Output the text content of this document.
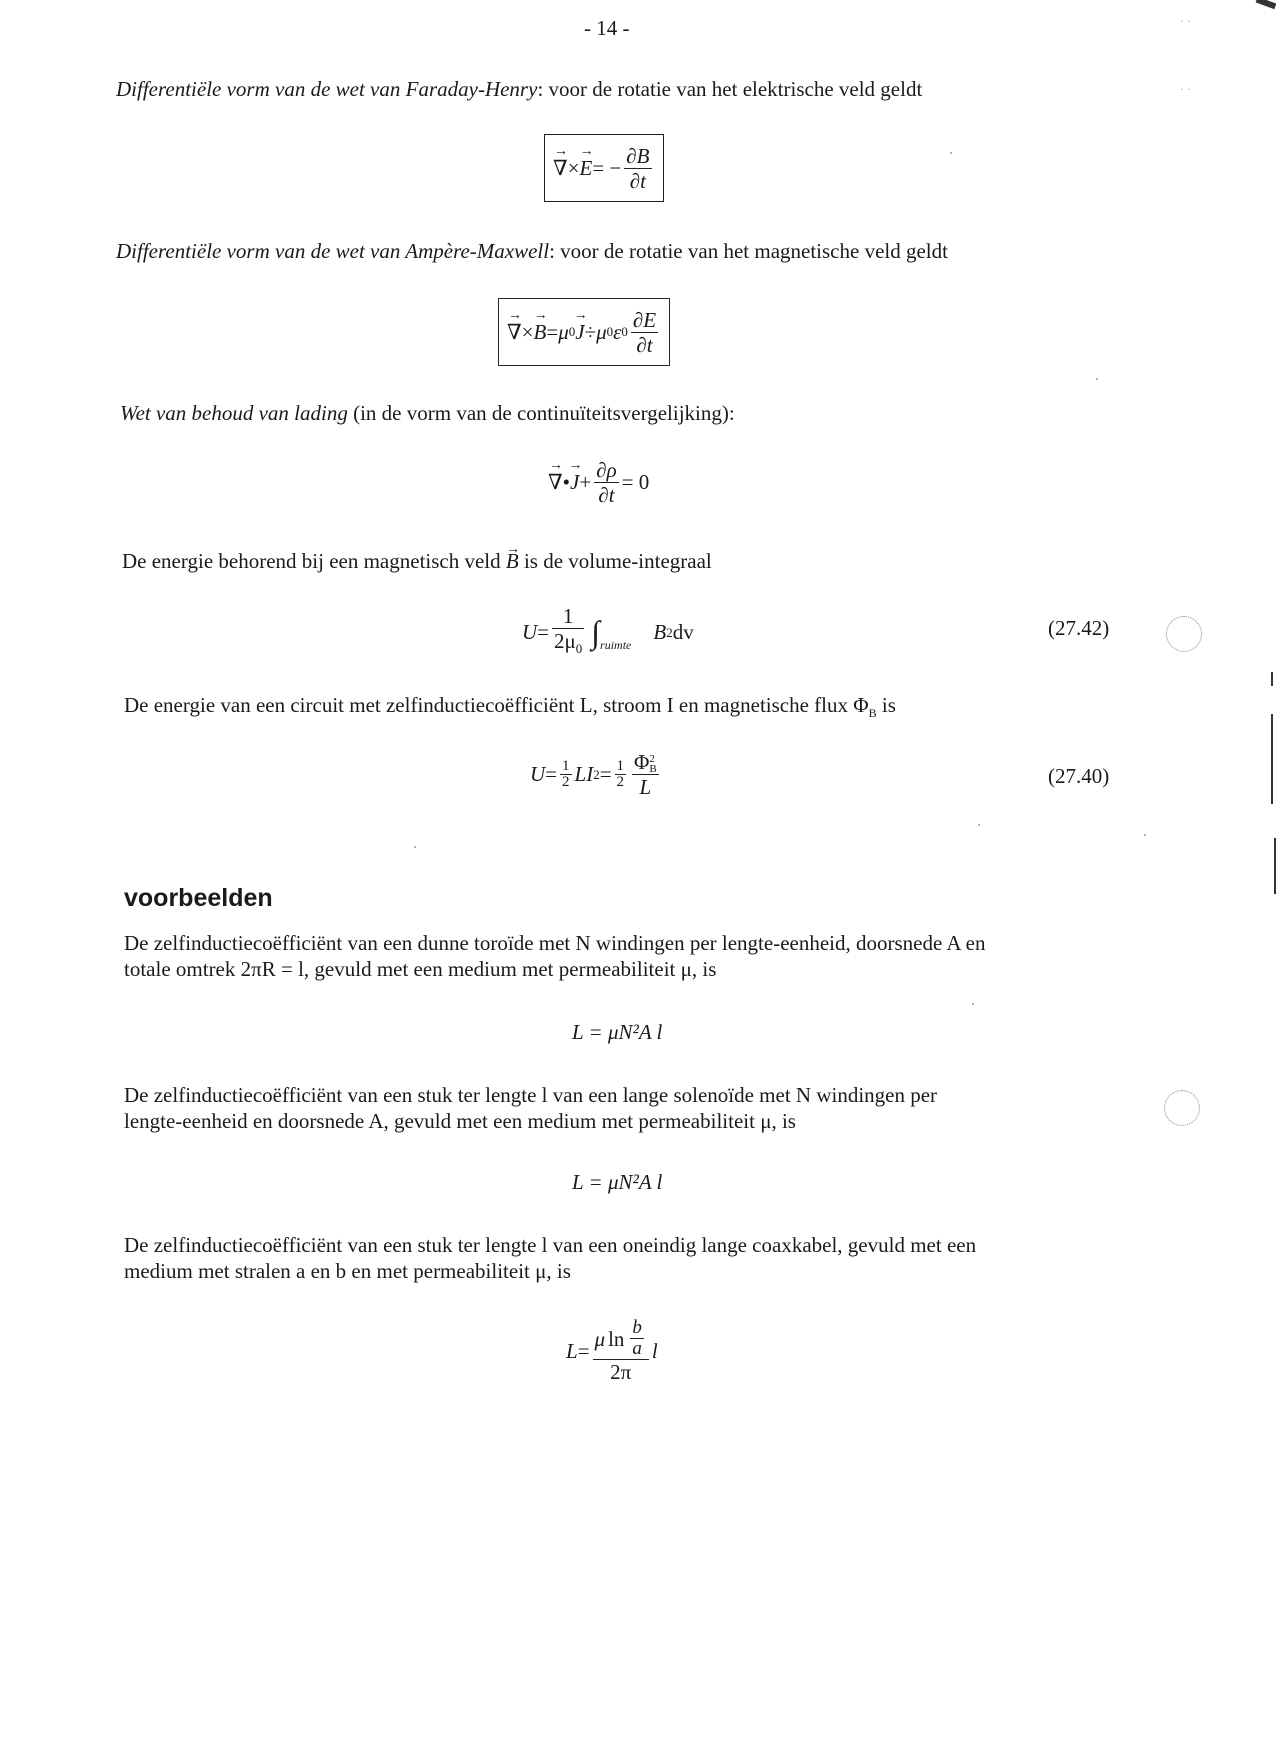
- 14 -	· ·
· ·
Differentiële vorm van de wet van Faraday-Henry: voor de rotatie van het elektrische veld geldt
→ ∇ × → E = − $\frac{\partial B}{\partial t}$
Differentiële vorm van de wet van Ampère-Maxwell: voor de rotatie van het magnetische veld geldt
→ ∇ × → B = μ 0 → J ÷ μ 0 ε $0 \frac{\partial E}{\partial t}$
Wet van behoud van lading (in de vorm van de continuïteitsvergelijking):
→ ∇ • → $J + \frac{\partial\rho}{\partial t} = 0$
De energie behorend bij een magnetisch veld → B is de volume-integraal
$U = \frac{1}{2\mu_0}$ ∫ ruimte
B 2 dv	(27.42)
De energie van een circuit met zelfinductiecoëfficiënt L, stroom I en magnetische flux $\Phi_B$ is
$U = \frac{1}{2}$ LI $2 = \frac{1}{2}$ Φ 2
B
L	(27.40)
voorbeelden
De zelfinductiecoëfficiënt van een dunne toroïde met N windingen per lengte-eenheid, doorsnede A en
totale omtrek 2πR = l, gevuld met een medium met permeabiliteit μ, is
L = μN²A l
De zelfinductiecoëfficiënt van een stuk ter lengte l van een lange solenoïde met N windingen per
lengte-eenheid en doorsnede A, gevuld met een medium met permeabiliteit μ, is
L = μN²A l
De zelfinductiecoëfficiënt van een stuk ter lengte l van een oneindig lange coaxkabel, gevuld met een
medium met stralen a en b en met permeabiliteit μ, is
$L = \frac{\mu \ln \frac{b}{a}}{2\pi}$ l
